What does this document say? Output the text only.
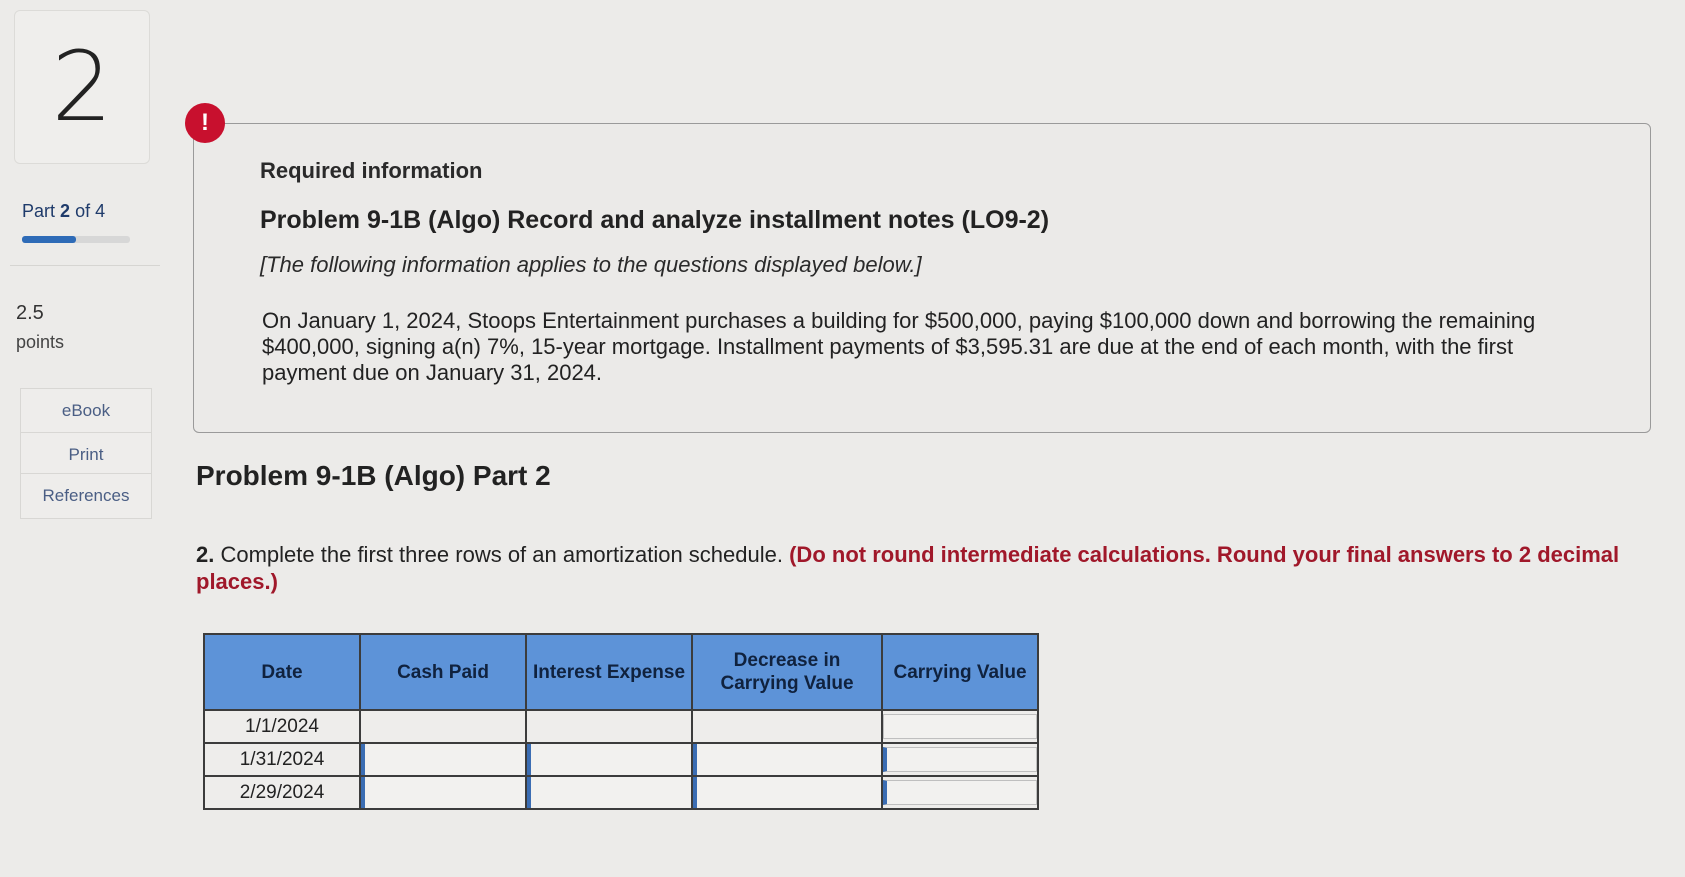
2
Part 2 of 4
2.5
points
eBook
Print
References
!
Required information
Problem 9-1B (Algo) Record and analyze installment notes (LO9-2)
[The following information applies to the questions displayed below.]
On January 1, 2024, Stoops Entertainment purchases a building for $500,000, paying $100,000 down and borrowing the remaining $400,000, signing a(n) 7%, 15-year mortgage. Installment payments of $3,595.31 are due at the end of each month, with the first payment due on January 31, 2024.
Problem 9-1B (Algo) Part 2
2. Complete the first three rows of an amortization schedule. (Do not round intermediate calculations. Round your final answers to 2 decimal places.)
Date	Cash Paid	Interest Expense	Decrease in Carrying Value	Carrying Value
1/1/2024				
1/31/2024				
2/29/2024				
